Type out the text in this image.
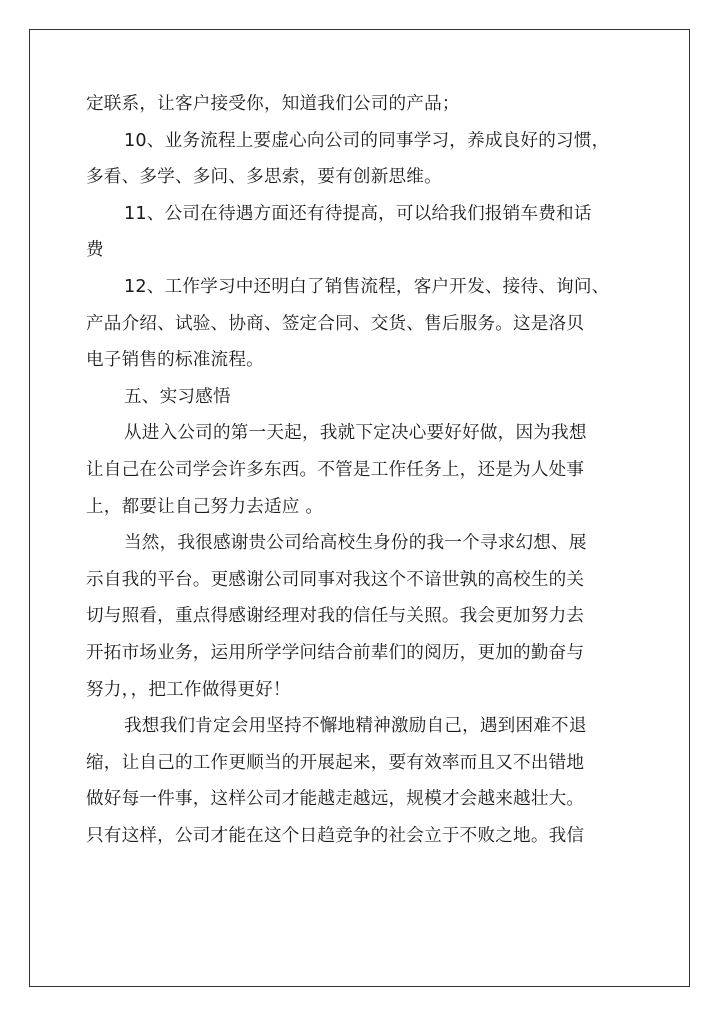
定联系，让客户接受你，知道我们公司的产品；
10、业务流程上要虚心向公司的同事学习，养成良好的习惯，
多看、多学、多问、多思索，要有创新思维。
11、公司在待遇方面还有待提高，可以给我们报销车费和话
费
12、工作学习中还明白了销售流程，客户开发、接待、询问、
产品介绍、试验、协商、签定合同、交货、售后服务。这是洛贝
电子销售的标准流程。
五、实习感悟
从进入公司的第一天起，我就下定决心要好好做，因为我想
让自己在公司学会许多东西。不管是工作任务上，还是为人处事
上，都要让自己努力去适应 。
当然，我很感谢贵公司给高校生身份的我一个寻求幻想、展
示自我的平台。更感谢公司同事对我这个不谙世孰的高校生的关
切与照看，重点得感谢经理对我的信任与关照。我会更加努力去
开拓市场业务，运用所学学问结合前辈们的阅历，更加的勤奋与
努力，，把工作做得更好！
我想我们肯定会用坚持不懈地精神激励自己，遇到困难不退
缩，让自己的工作更顺当的开展起来，要有效率而且又不出错地
做好每一件事，这样公司才能越走越远，规模才会越来越壮大。
只有这样，公司才能在这个日趋竞争的社会立于不败之地。我信
